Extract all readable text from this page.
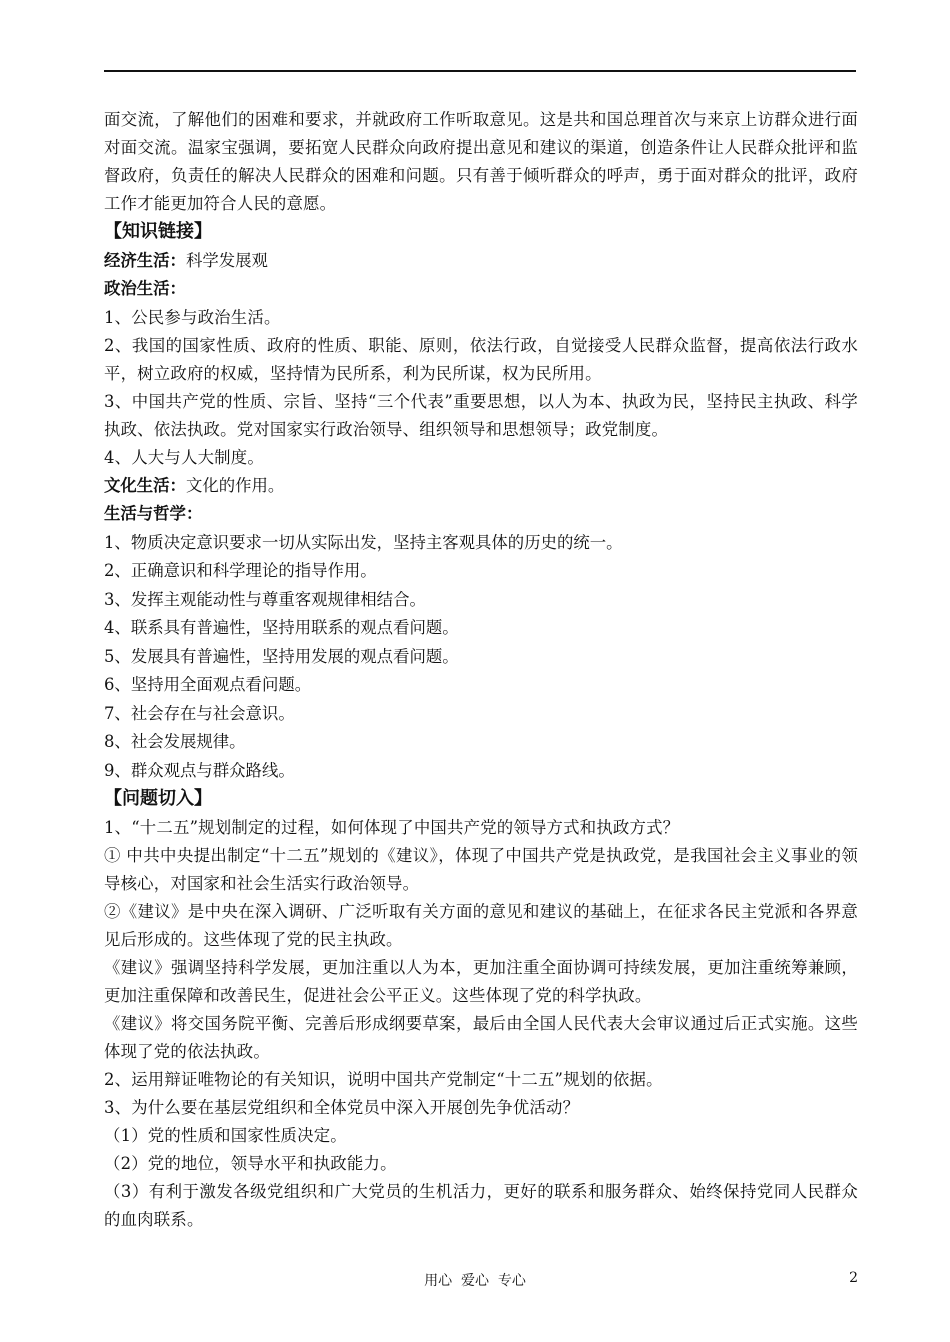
面交流，了解他们的困难和要求，并就政府工作听取意见。这是共和国总理首次与来京上访群众进行面对面交流。温家宝强调，要拓宽人民群众向政府提出意见和建议的渠道，创造条件让人民群众批评和监督政府，负责任的解决人民群众的困难和问题。只有善于倾听群众的呼声，勇于面对群众的批评，政府工作才能更加符合人民的意愿。

【知识链接】

经济生活：科学发展观

政治生活：

1、公民参与政治生活。

2、我国的国家性质、政府的性质、职能、原则，依法行政，自觉接受人民群众监督，提高依法行政水平，树立政府的权威，坚持情为民所系，利为民所谋，权为民所用。

3、中国共产党的性质、宗旨、坚持“三个代表”重要思想，以人为本、执政为民，坚持民主执政、科学执政、依法执政。党对国家实行政治领导、组织领导和思想领导；政党制度。

4、人大与人大制度。

文化生活：文化的作用。

生活与哲学：

1、物质决定意识要求一切从实际出发，坚持主客观具体的历史的统一。

2、正确意识和科学理论的指导作用。

3、发挥主观能动性与尊重客观规律相结合。

4、联系具有普遍性，坚持用联系的观点看问题。

5、发展具有普遍性，坚持用发展的观点看问题。

6、坚持用全面观点看问题。

7、社会存在与社会意识。

8、社会发展规律。

9、群众观点与群众路线。

【问题切入】

1、“十二五”规划制定的过程，如何体现了中国共产党的领导方式和执政方式？

① 中共中央提出制定“十二五”规划的《建议》，体现了中国共产党是执政党，是我国社会主义事业的领导核心，对国家和社会生活实行政治领导。

②《建议》是中央在深入调研、广泛听取有关方面的意见和建议的基础上，在征求各民主党派和各界意见后形成的。这些体现了党的民主执政。

《建议》强调坚持科学发展，更加注重以人为本，更加注重全面协调可持续发展，更加注重统筹兼顾，更加注重保障和改善民生，促进社会公平正义。这些体现了党的科学执政。

《建议》将交国务院平衡、完善后形成纲要草案，最后由全国人民代表大会审议通过后正式实施。这些体现了党的依法执政。

2、运用辩证唯物论的有关知识，说明中国共产党制定“十二五”规划的依据。

3、为什么要在基层党组织和全体党员中深入开展创先争优活动？

（1）党的性质和国家性质决定。

（2）党的地位，领导水平和执政能力。

（3）有利于激发各级党组织和广大党员的生机活力，更好的联系和服务群众、始终保持党同人民群众的血肉联系。

用心  爱心  专心	2
